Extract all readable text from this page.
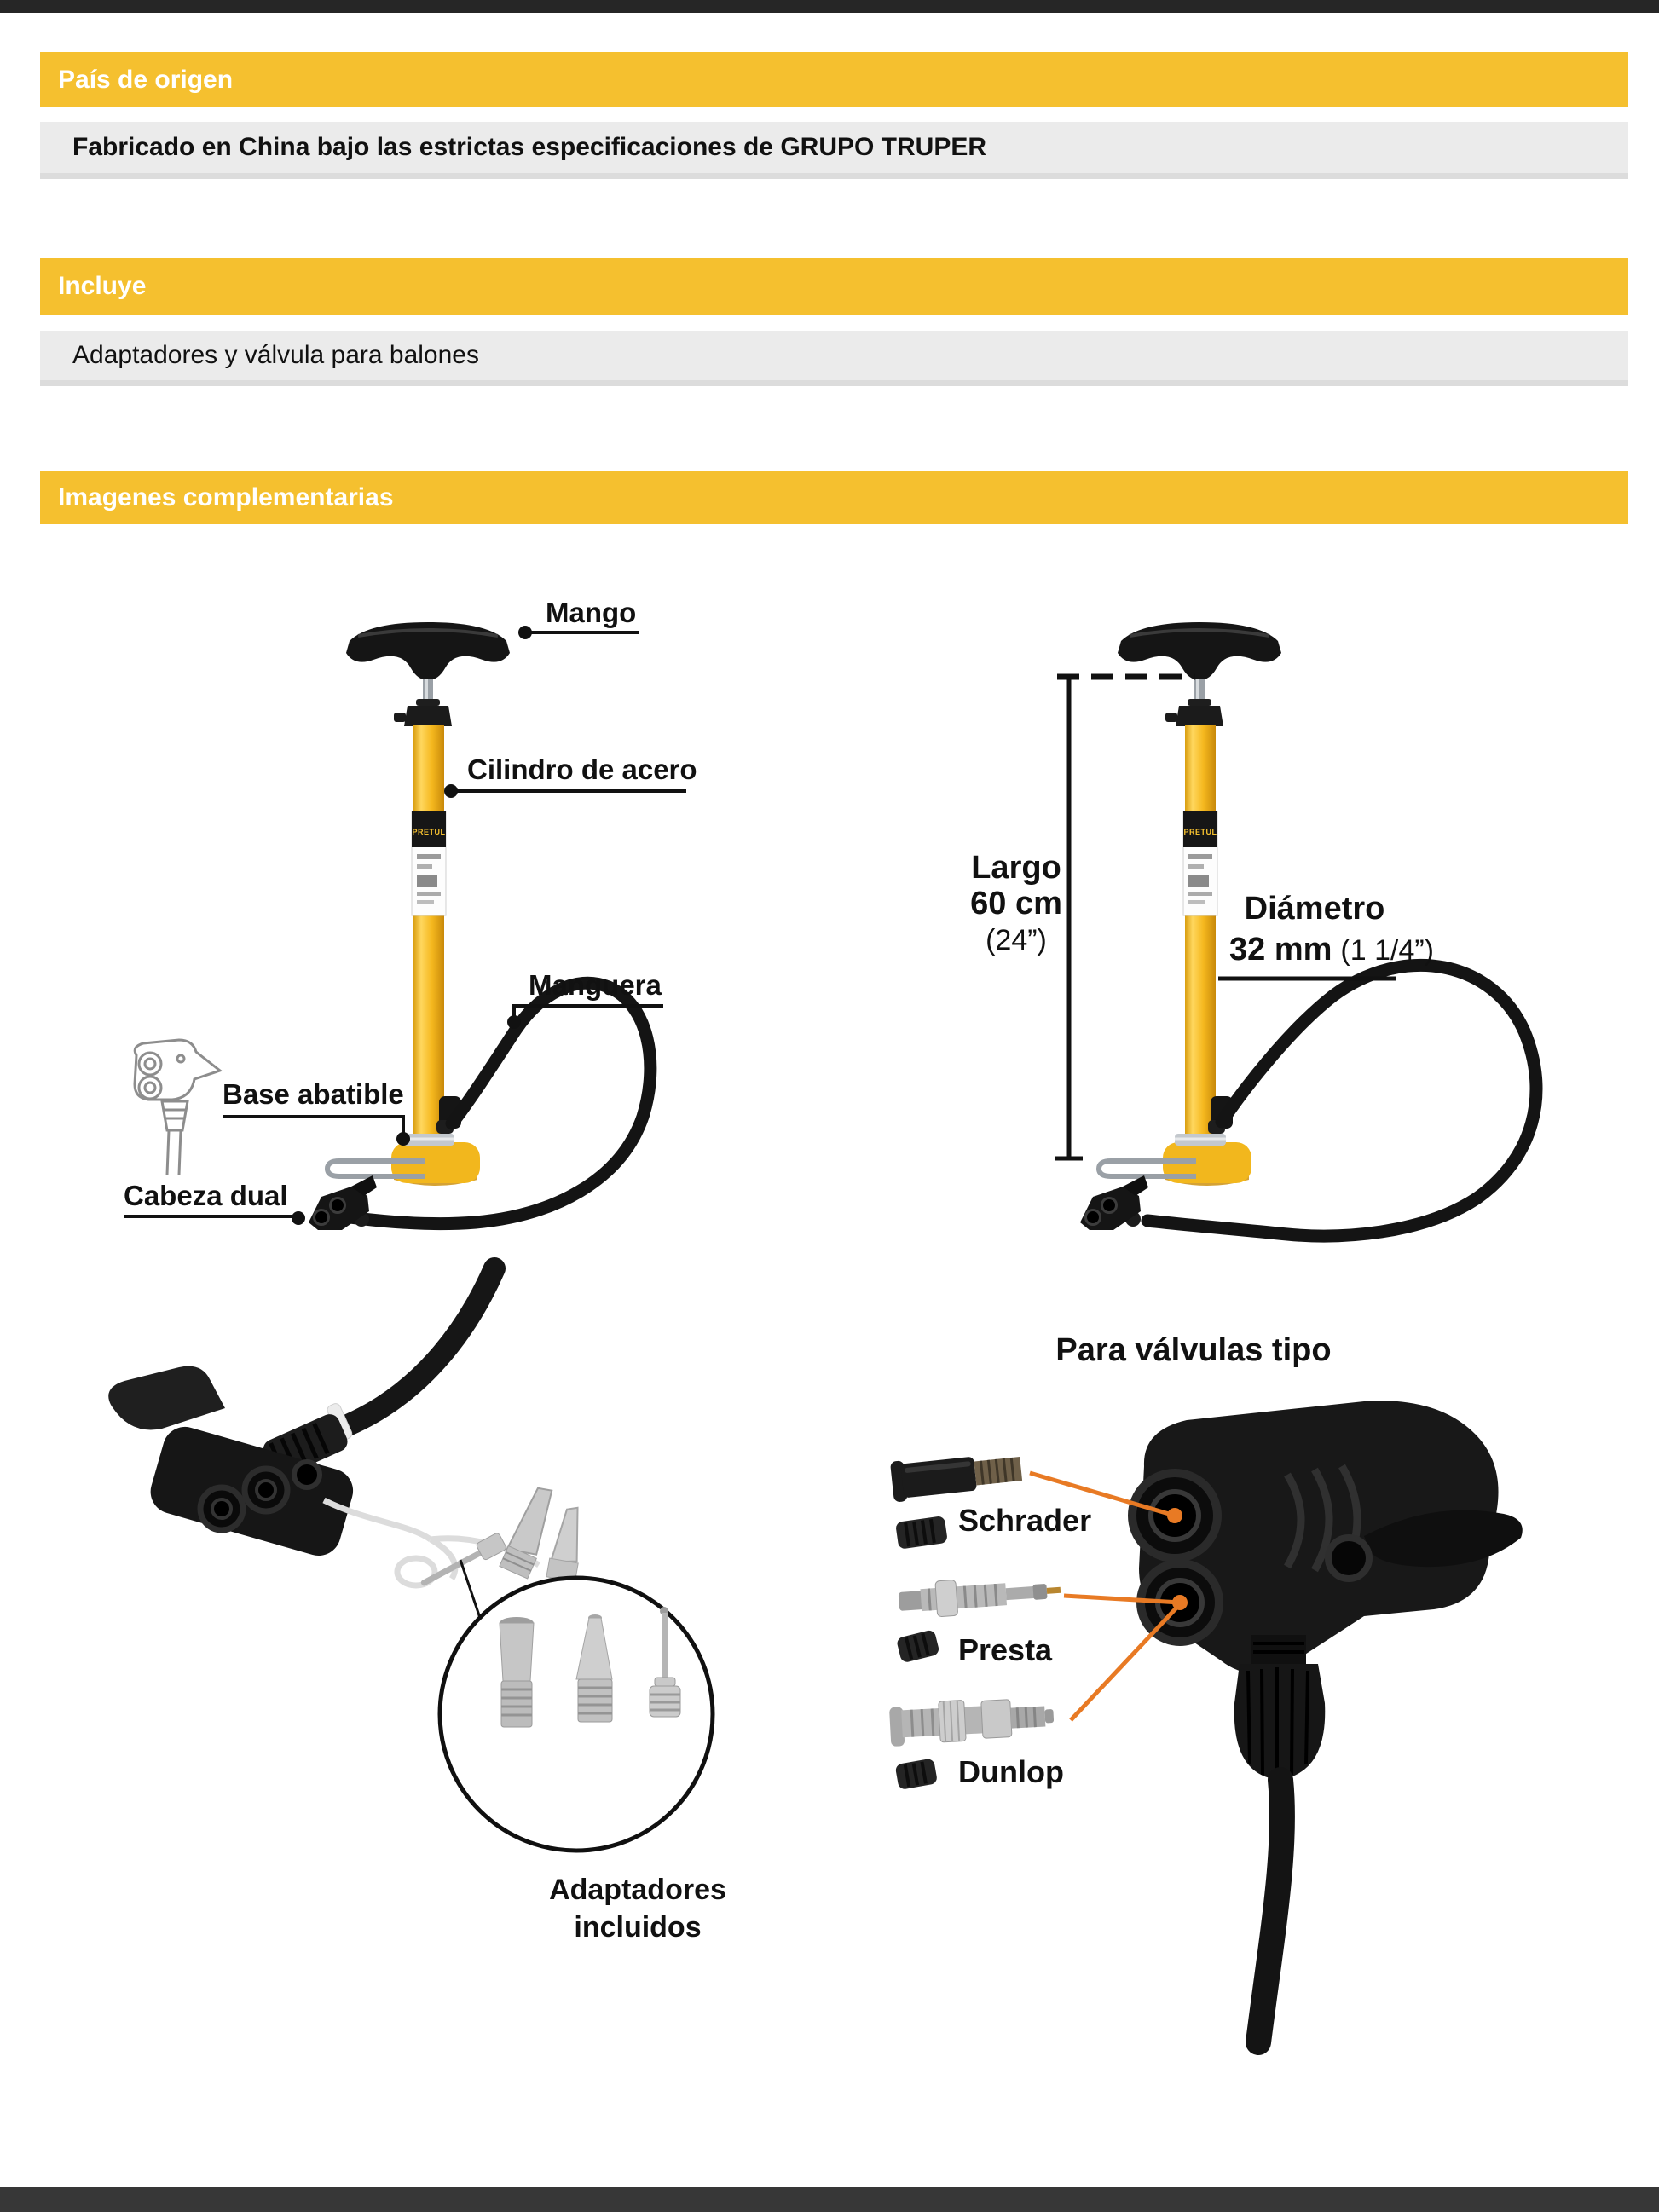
País de origen
Fabricado en China bajo las estrictas especificaciones de GRUPO TRUPER
Incluye
Adaptadores y válvula para balones
Imagenes complementarias
PRETUL
Mango
Cilindro de acero
Manguera
Base abatible
Cabeza dual
PRETUL
Largo
60 cm
(24”)
Diámetro
32 mm (1 1/4”)
Adaptadores
incluidos
Para válvulas tipo
Schrader
Presta
Dunlop
